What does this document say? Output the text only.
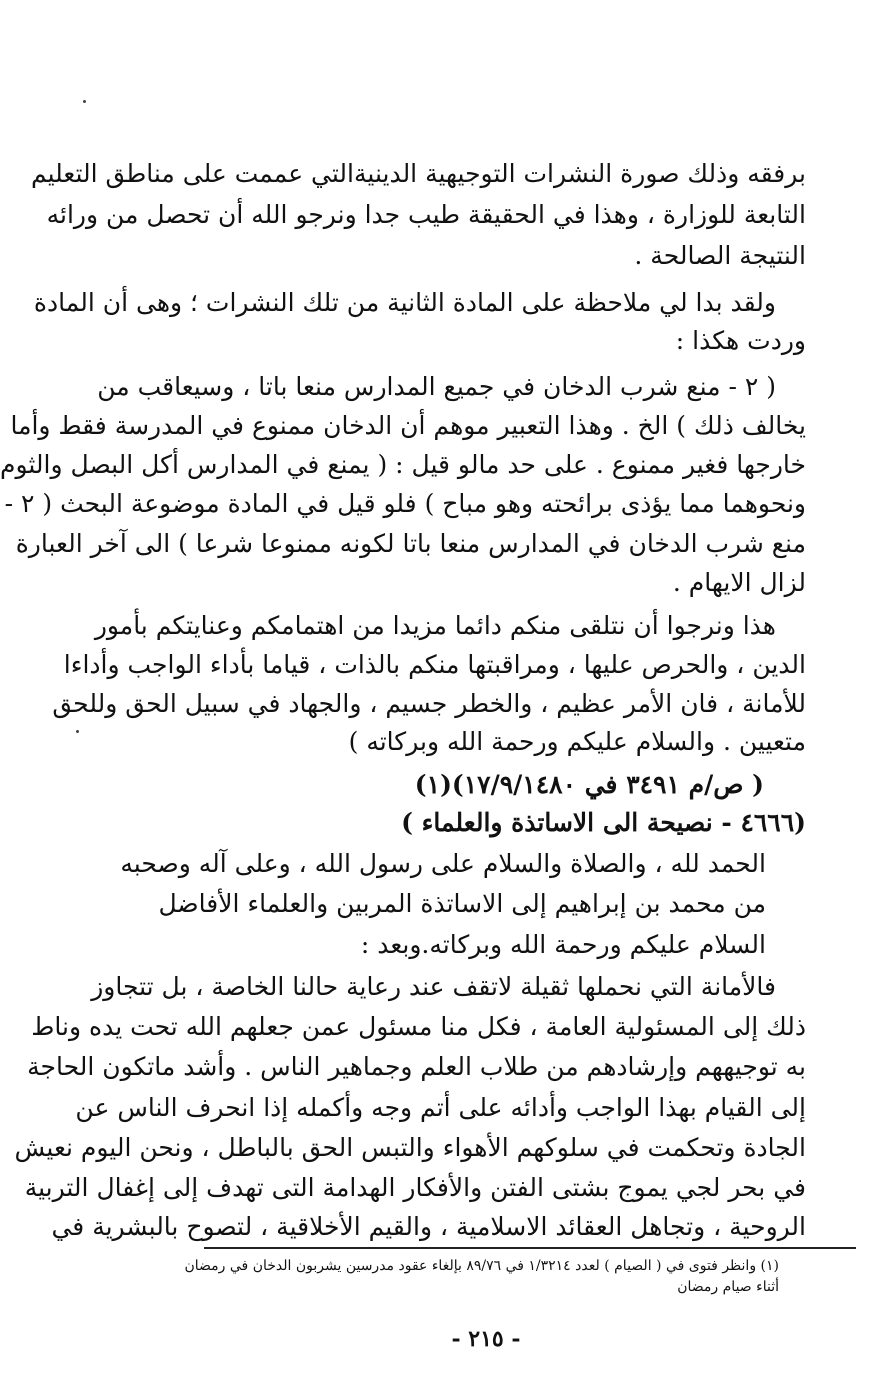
برفقه وذلك صورة النشرات التوجيهية الدينيةالتي عممت على مناطق التعليم
التابعة للوزارة ، وهذا في الحقيقة طيب جدا ونرجو الله أن تحصل من ورائه
النتيجة الصالحة .
ولقد بدا لي ملاحظة على المادة الثانية من تلك النشرات ؛ وهى أن المادة
وردت هكذا :
( ٢ - منع شرب الدخان في جميع المدارس منعا باتا ، وسيعاقب من
يخالف ذلك ) الخ . وهذا التعبير موهم أن الدخان ممنوع في المدرسة فقط وأما
خارجها فغير ممنوع . على حد مالو قيل : ( يمنع في المدارس أكل البصل والثوم
ونحوهما مما يؤذى برائحته وهو مباح ) فلو قيل في المادة موضوعة البحث ( ٢ -
منع شرب الدخان في المدارس منعا باتا لكونه ممنوعا شرعا ) الى آخر العبارة
لزال الايهام .
هذا ونرجوا أن نتلقى منكم دائما مزيدا من اهتمامكم وعنايتكم بأمور
الدين ، والحرص عليها ، ومراقبتها منكم بالذات ، قياما بأداء الواجب وأداءا
للأمانة ، فان الأمر عظيم ، والخطر جسيم ، والجهاد في سبيل الحق وللحق
متعيين . والسلام عليكم ورحمة الله وبركاته )
( ص/م ٣٤٩١ في ١٧/٩/١٤٨٠)(١)
(٤٦٦٦ - نصيحة الى الاساتذة والعلماء )
الحمد لله ، والصلاة والسلام على رسول الله ، وعلى آله وصحبه
من محمد بن إبراهيم إلى الاساتذة المربين والعلماء الأفاضل
السلام عليكم ورحمة الله وبركاته.وبعد :
فالأمانة التي نحملها ثقيلة لاتقف عند رعاية حالنا الخاصة ، بل تتجاوز
ذلك إلى المسئولية العامة ، فكل منا مسئول عمن جعلهم الله تحت يده وناط
به توجيههم وإرشادهم من طلاب العلم وجماهير الناس . وأشد ماتكون الحاجة
إلى القيام بهذا الواجب وأدائه على أتم وجه وأكمله إذا انحرف الناس عن
الجادة وتحكمت في سلوكهم الأهواء والتبس الحق بالباطل ، ونحن اليوم نعيش
في بحر لجي يموج بشتى الفتن والأفكار الهدامة التى تهدف إلى إغفال التربية
الروحية ، وتجاهل العقائد الاسلامية ، والقيم الأخلاقية ، لتصوح بالبشرية في
(١) وانظر فتوى في ( الصيام ) لعدد ١/٣٢١٤ في ٨٩/٧٦ بإلغاء عقود مدرسين يشربون الدخان في رمضان
أثناء صيام رمضان
- ٢١٥ -
